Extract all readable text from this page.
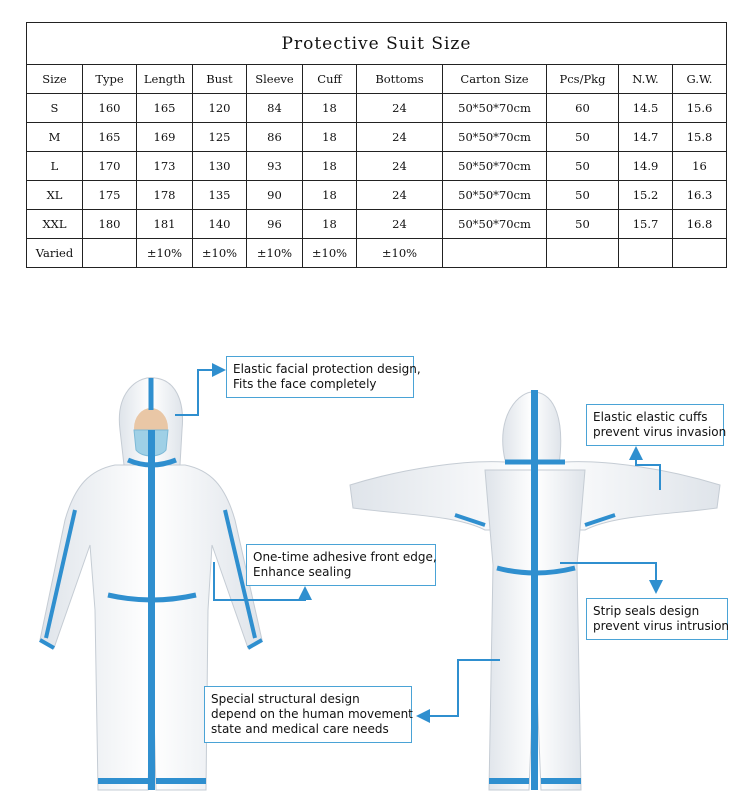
Protective Suit Size										
Size	Type	Length	Bust	Sleeve	Cuff	Bottoms	Carton Size	Pcs/Pkg	N.W.	G.W.
S	160	165	120	84	18	24	50*50*70cm	60	14.5	15.6
M	165	169	125	86	18	24	50*50*70cm	50	14.7	15.8
L	170	173	130	93	18	24	50*50*70cm	50	14.9	16
XL	175	178	135	90	18	24	50*50*70cm	50	15.2	16.3
XXL	180	181	140	96	18	24	50*50*70cm	50	15.7	16.8
Varied		±10%	±10%	±10%	±10%	±10%				
Elastic facial protection design,
Fits the face completely
Elastic elastic cuffs
prevent virus invasion
One-time adhesive front edge,
Enhance sealing
Strip seals design
prevent virus intrusion
Special structural design
depend on the human movement
state and medical care needs
